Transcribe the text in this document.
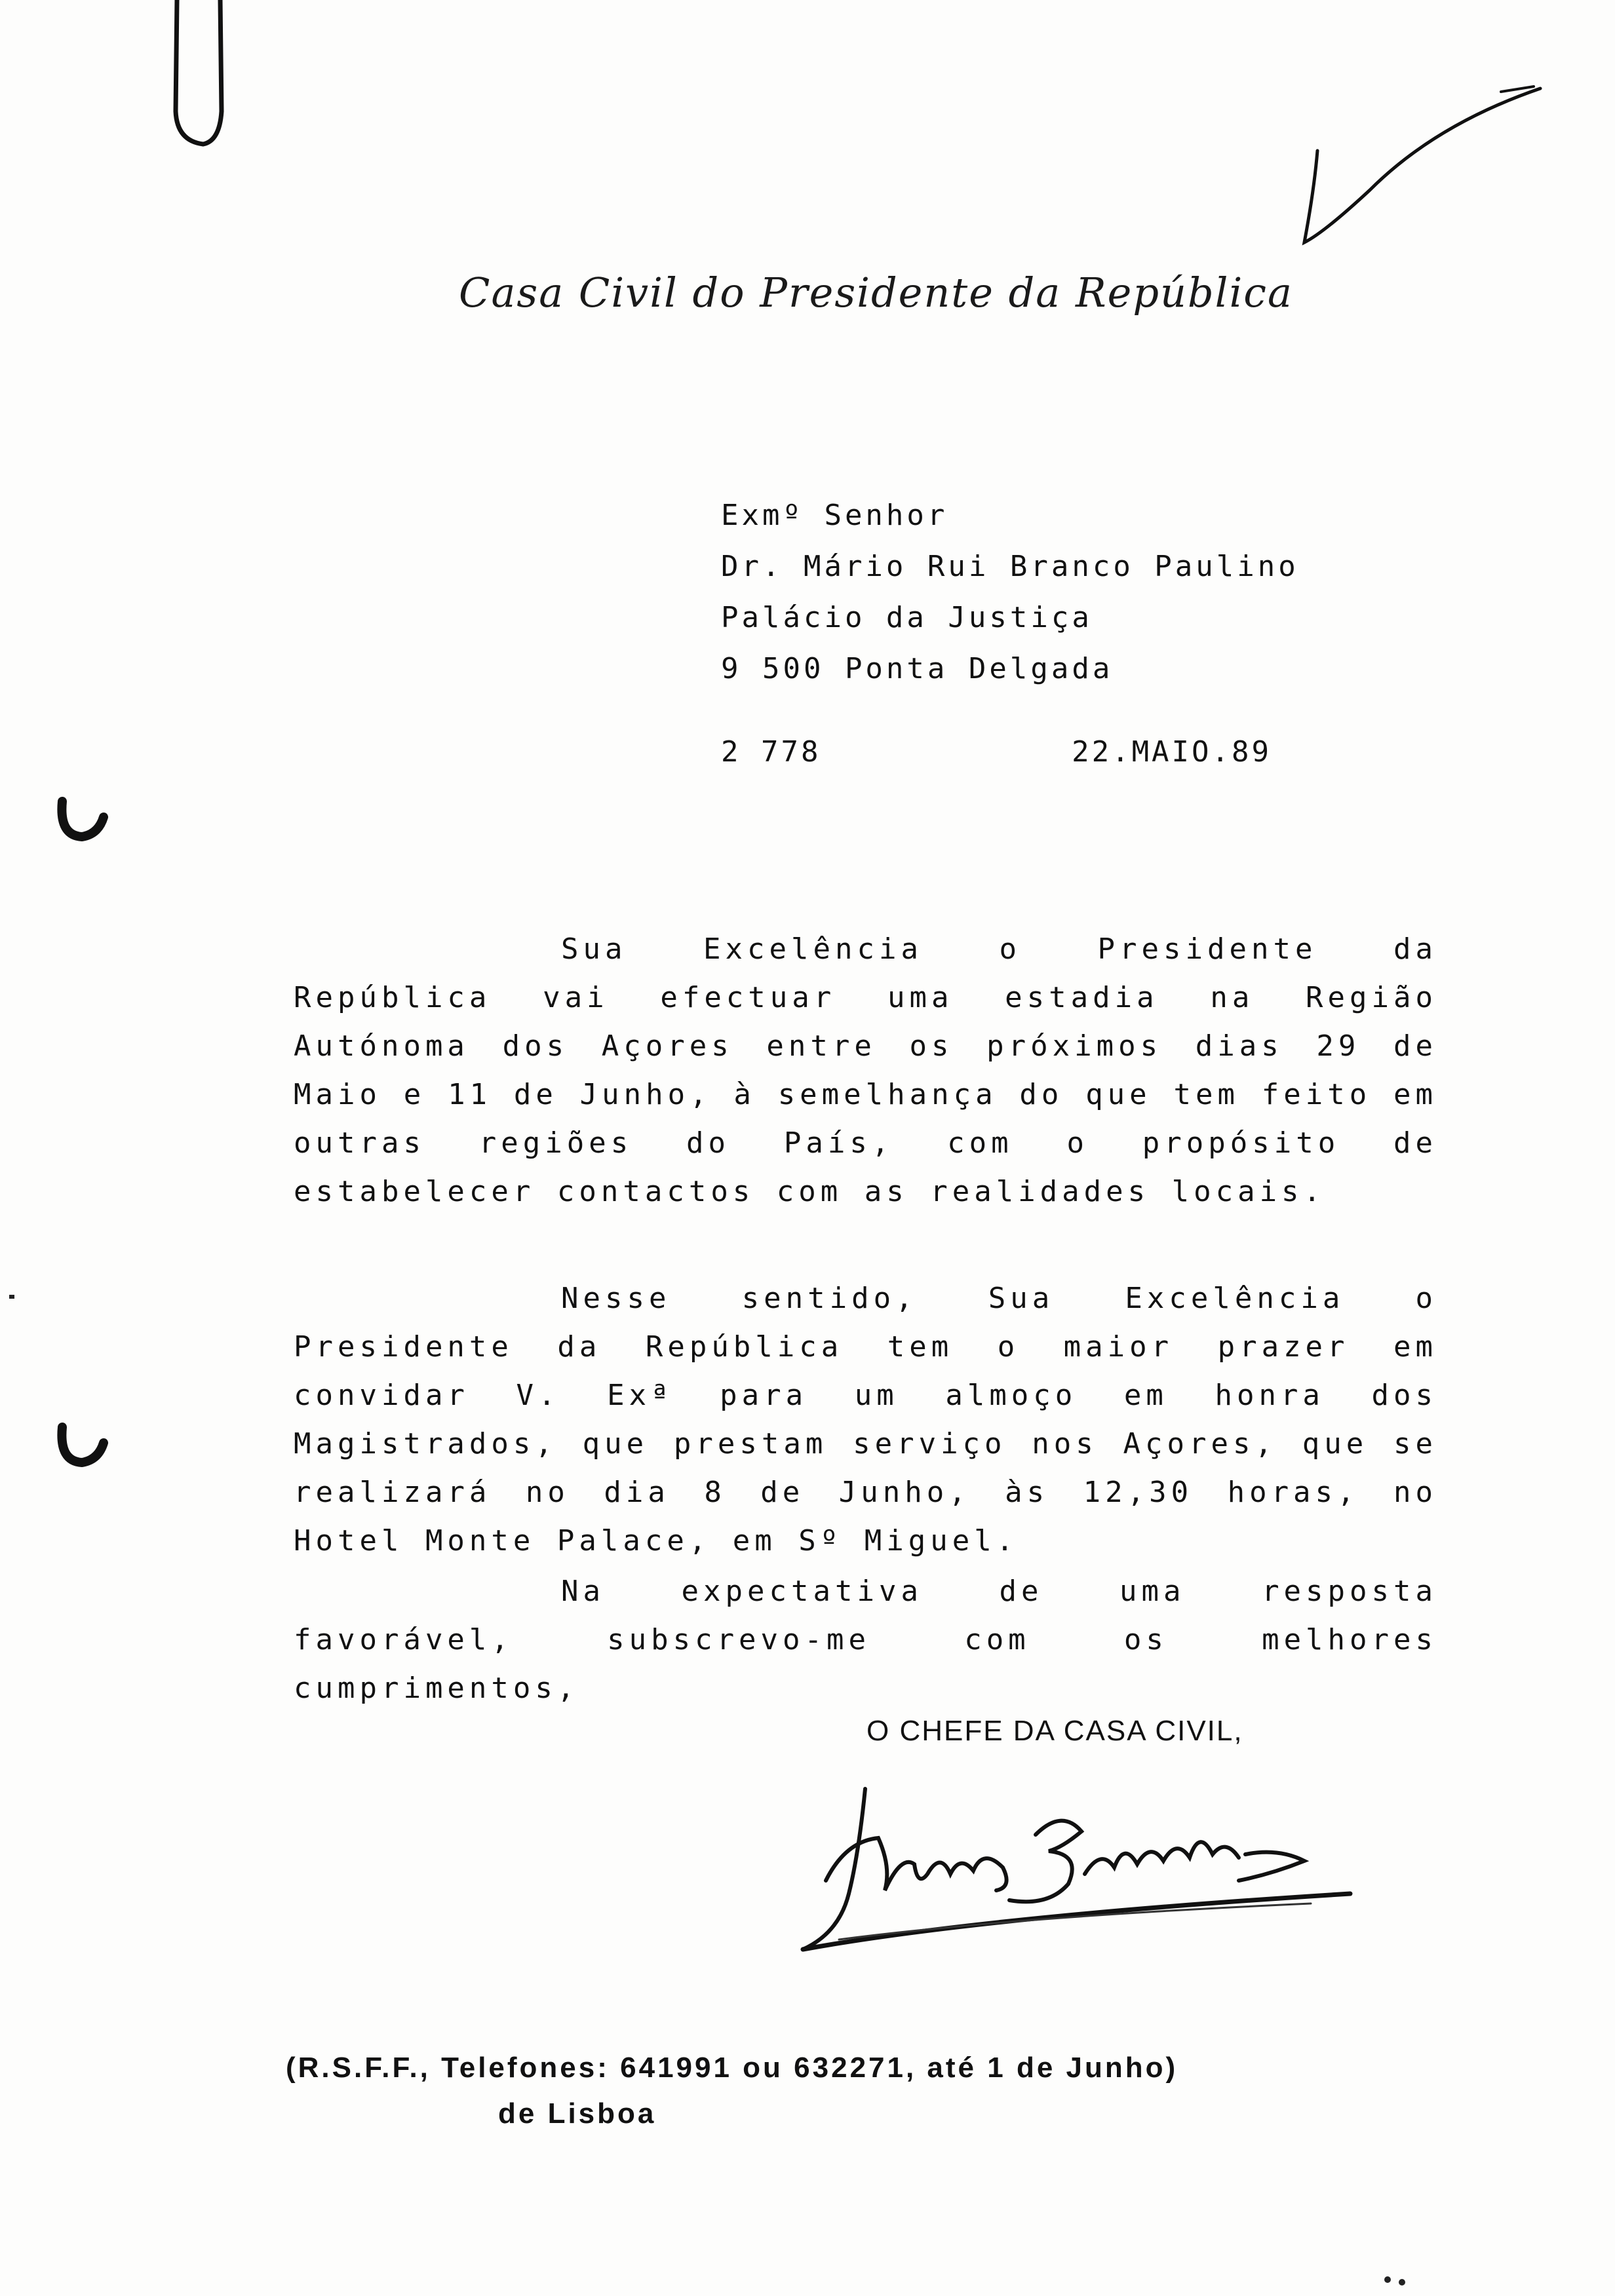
Casa Civil do Presidente da República
Exmº Senhor
Dr. Mário Rui Branco Paulino
Palácio da Justiça
9 500 Ponta Delgada
2 778	22.MAIO.89

Sua Excelência o Presidente da República vai efectuar uma estadia na Região Autónoma dos Açores entre os próximos dias 29 de Maio e 11 de Junho, à semelhança do que tem feito em outras regiões do País, com o propósito de estabelecer contactos com as realidades locais.

Nesse sentido, Sua Excelência o Presidente da República tem o maior prazer em convidar V. Exª para um almoço em honra dos Magistrados, que prestam serviço nos Açores, que se realizará no dia 8 de Junho, às 12,30 horas, no Hotel Monte Palace, em Sº Miguel.

Na expectativa de uma resposta favorável, subscrevo-me com os melhores cumprimentos,

O CHEFE DA CASA CIVIL,
(R.S.F.F., Telefones: 641991 ou 632271, até 1 de Junho)
de Lisboa
